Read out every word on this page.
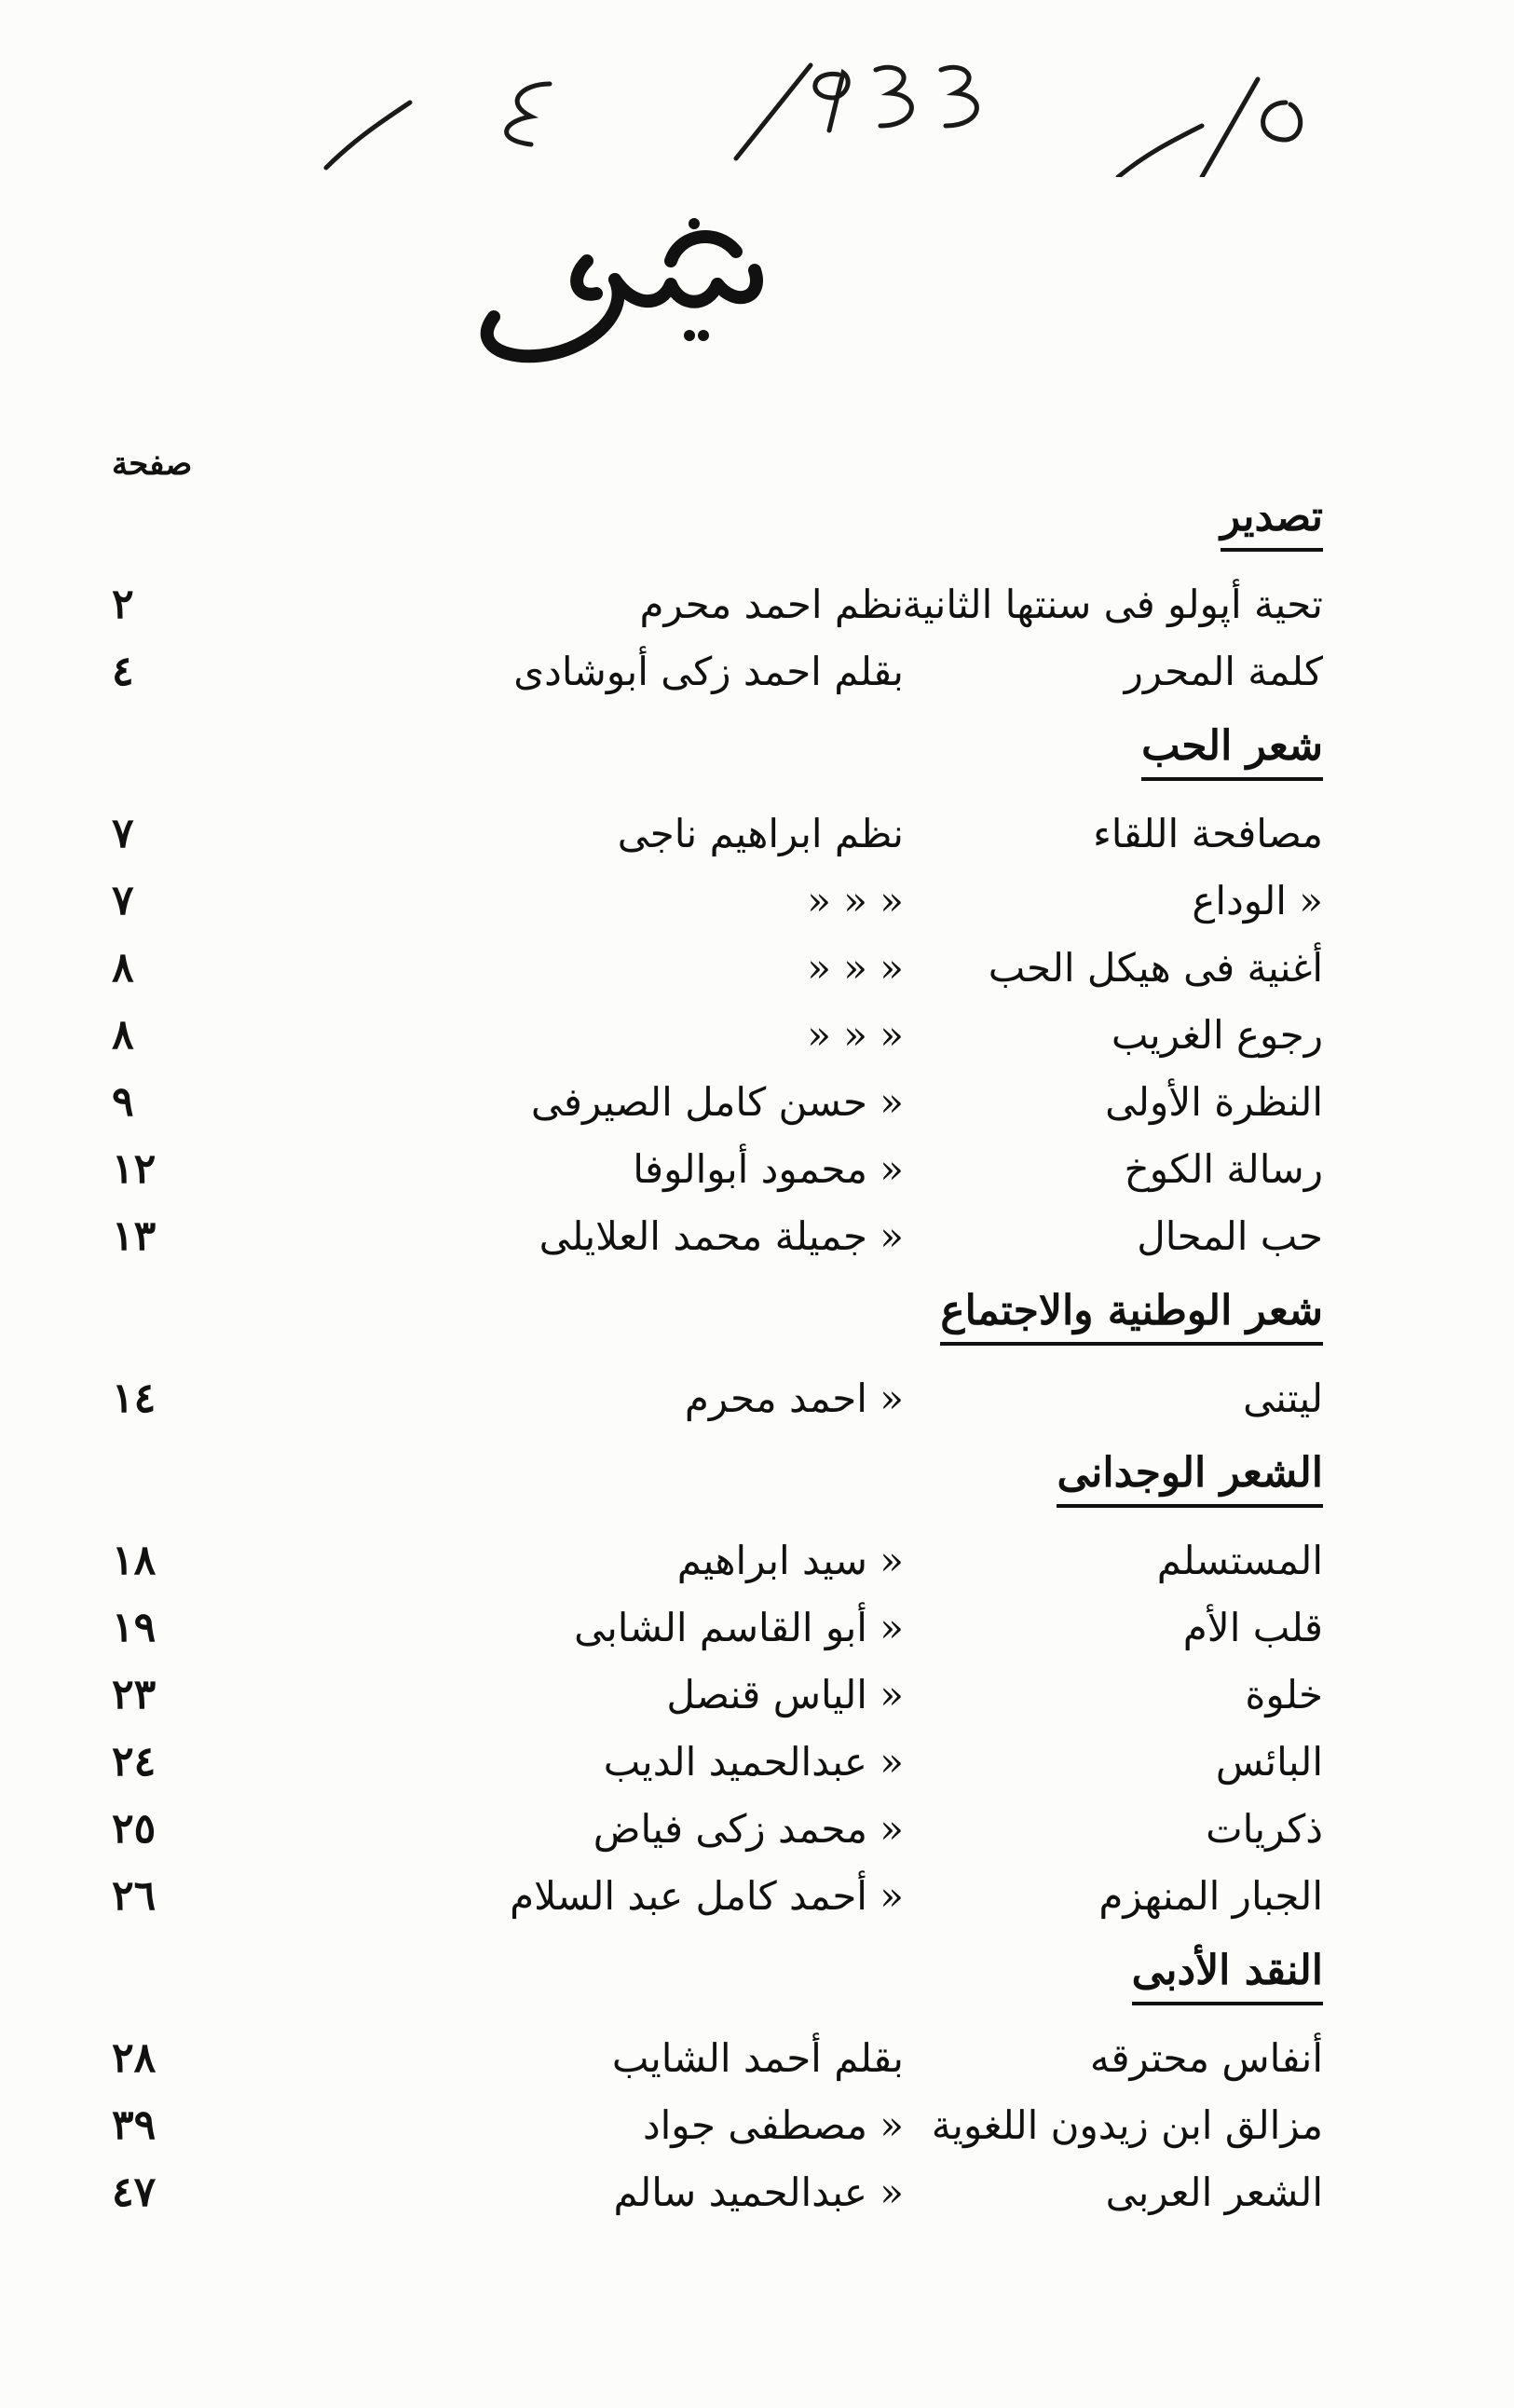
صفحة
تصدير
تحية أپولو فى سنتها الثانية
نظم احمد محرم
٢
كلمة المحرر
بقلم احمد زكى أبوشادى
٤
شعر الحب
مصافحة اللقاء
نظم ابراهيم ناجى
٧
« الوداع
« « «
٧
أغنية فى هيكل الحب
« « «
٨
رجوع الغريب
« « «
٨
النظرة الأولى
« حسن كامل الصيرفى
٩
رسالة الكوخ
« محمود أبوالوفا
١٢
حب المحال
« جميلة محمد العلايلى
١٣
شعر الوطنية والاجتماع
ليتنى
« احمد محرم
١٤
الشعر الوجدانى
المستسلم
« سيد ابراهيم
١٨
قلب الأم
« أبو القاسم الشابى
١٩
خلوة
« الياس قنصل
٢٣
البائس
« عبدالحميد الديب
٢٤
ذكريات
« محمد زكى فياض
٢٥
الجبار المنهزم
« أحمد كامل عبد السلام
٢٦
النقد الأدبى
أنفاس محترقه
بقلم أحمد الشايب
٢٨
مزالق ابن زيدون اللغوية
« مصطفى جواد
٣٩
الشعر العربى
« عبدالحميد سالم
٤٧
